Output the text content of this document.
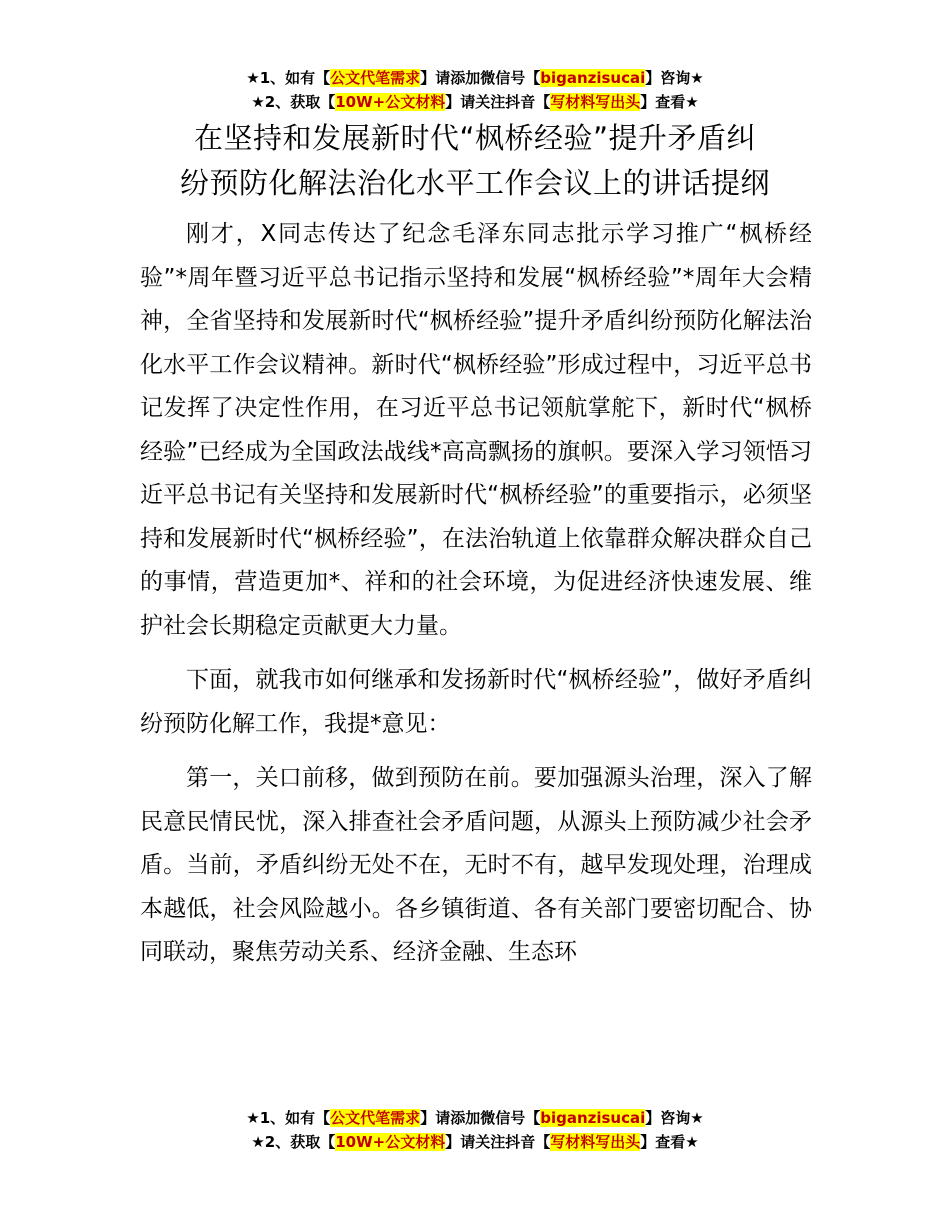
★1、如有【公文代笔需求】请添加微信号【biganzisucai】咨询★
★2、获取【10W+公文材料】请关注抖音【写材料写出头】查看★
在坚持和发展新时代“枫桥经验”提升矛盾纠
纷预防化解法治化水平工作会议上的讲话提纲

刚才，X同志传达了纪念毛泽东同志批示学习推广“枫桥经验”*周年暨习近平总书记指示坚持和发展“枫桥经验”*周年大会精神，全省坚持和发展新时代“枫桥经验”提升矛盾纠纷预防化解法治化水平工作会议精神。新时代“枫桥经验”形成过程中，习近平总书记发挥了决定性作用，在习近平总书记领航掌舵下，新时代“枫桥经验”已经成为全国政法战线*高高飘扬的旗帜。要深入学习领悟习近平总书记有关坚持和发展新时代“枫桥经验”的重要指示，必须坚持和发展新时代“枫桥经验”，在法治轨道上依靠群众解决群众自己的事情，营造更加*、祥和的社会环境，为促进经济快速发展、维护社会长期稳定贡献更大力量。

下面，就我市如何继承和发扬新时代“枫桥经验”，做好矛盾纠纷预防化解工作，我提*意见：

第一，关口前移，做到预防在前。要加强源头治理，深入了解民意民情民忧，深入排查社会矛盾问题，从源头上预防减少社会矛盾。当前，矛盾纠纷无处不在，无时不有，越早发现处理，治理成本越低，社会风险越小。各乡镇街道、各有关部门要密切配合、协同联动，聚焦劳动关系、经济金融、生态环

★1、如有【公文代笔需求】请添加微信号【biganzisucai】咨询★
★2、获取【10W+公文材料】请关注抖音【写材料写出头】查看★
